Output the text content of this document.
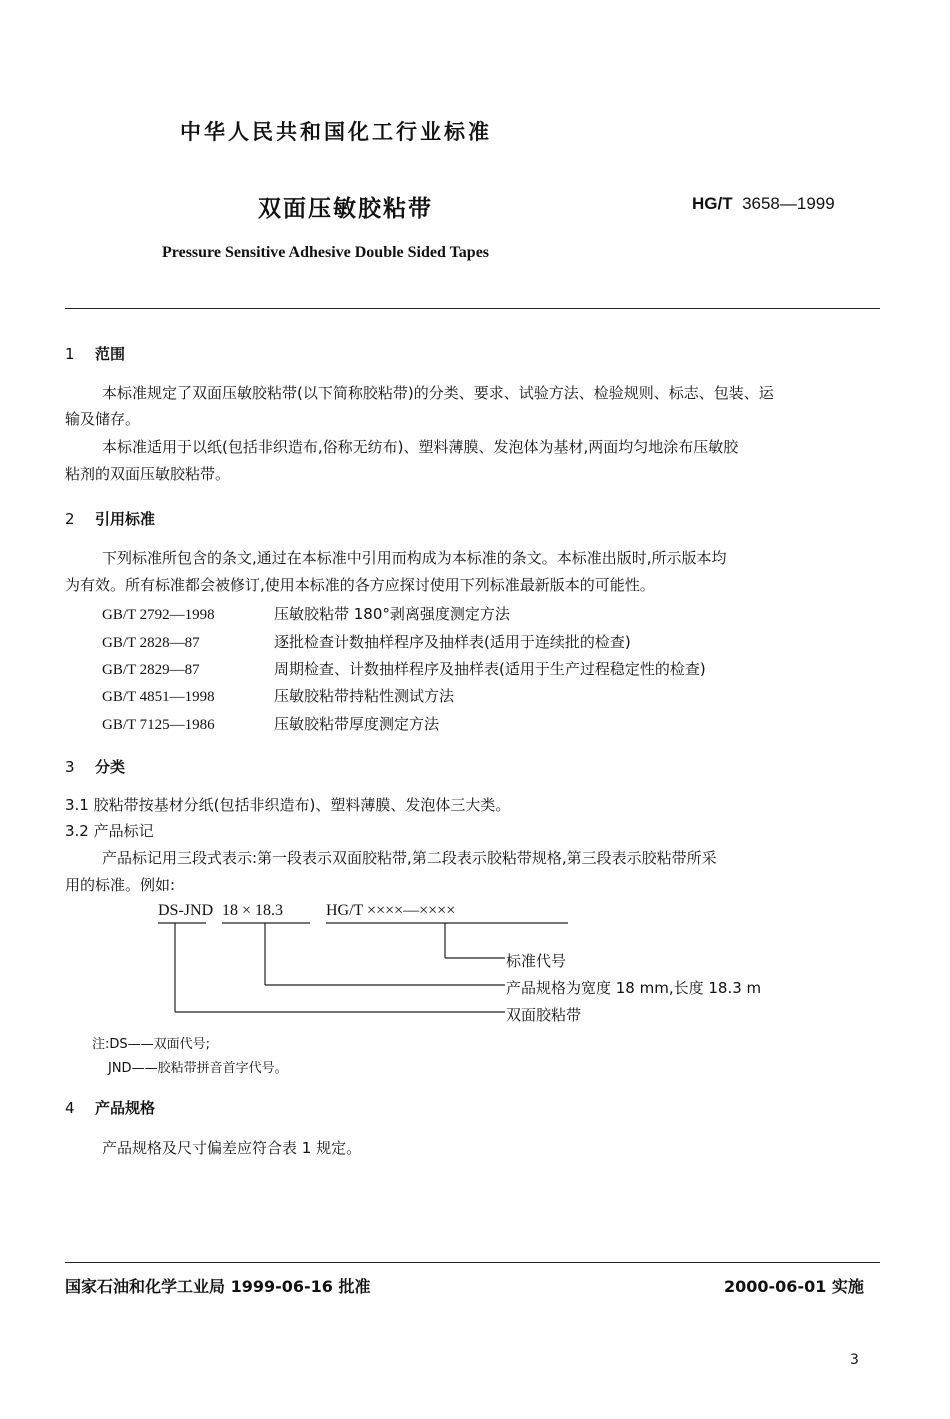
中华人民共和国化工行业标准
双面压敏胶粘带	HG/T 3658—1999
Pressure Sensitive Adhesive Double Sided Tapes
1 范围
本标准规定了双面压敏胶粘带(以下简称胶粘带)的分类、要求、试验方法、检验规则、标志、包装、运
输及储存。
本标准适用于以纸(包括非织造布,俗称无纺布)、塑料薄膜、发泡体为基材,两面均匀地涂布压敏胶
粘剂的双面压敏胶粘带。
2 引用标准
下列标准所包含的条文,通过在本标准中引用而构成为本标准的条文。本标准出版时,所示版本均
为有效。所有标准都会被修订,使用本标准的各方应探讨使用下列标准最新版本的可能性。
GB/T 2792—1998	压敏胶粘带 180°剥离强度测定方法
GB/T 2828—87	逐批检查计数抽样程序及抽样表(适用于连续批的检查)
GB/T 2829—87	周期检查、计数抽样程序及抽样表(适用于生产过程稳定性的检查)
GB/T 4851—1998	压敏胶粘带持粘性测试方法
GB/T 7125—1986	压敏胶粘带厚度测定方法
3 分类
3.1 胶粘带按基材分纸(包括非织造布)、塑料薄膜、发泡体三大类。
3.2 产品标记
产品标记用三段式表示:第一段表示双面胶粘带,第二段表示胶粘带规格,第三段表示胶粘带所采
用的标准。例如:
DS-JND 18 × 18.3	HG/T ××××—××××
标准代号
产品规格为宽度 18 mm,长度 18.3 m
双面胶粘带
注:DS——双面代号;
JND——胶粘带拼音首字代号。
4 产品规格
产品规格及尺寸偏差应符合表 1 规定。
国家石油和化学工业局 1999-06-16 批准	2000-06-01 实施
3
